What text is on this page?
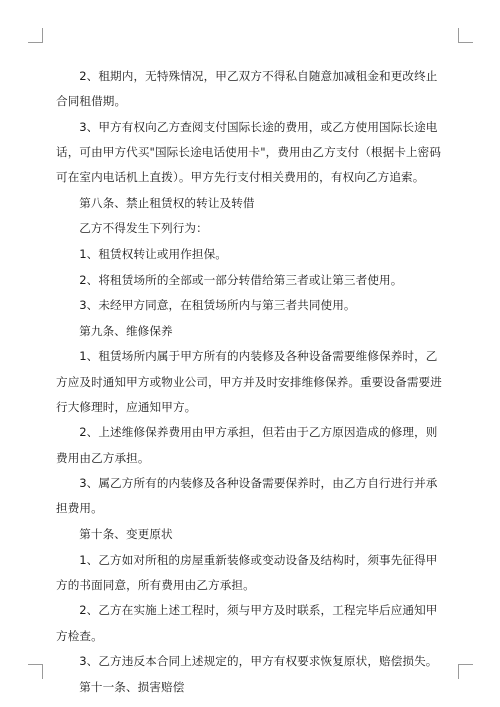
2、租期内，无特殊情况，甲乙双方不得私自随意加减租金和更改终止合同租借期。

3、甲方有权向乙方查阅支付国际长途的费用，或乙方使用国际长途电话，可由甲方代买"国际长途电话使用卡"，费用由乙方支付（根据卡上密码可在室内电话机上直拨）。甲方先行支付相关费用的，有权向乙方追索。

第八条、禁止租赁权的转让及转借

乙方不得发生下列行为：

1、租赁权转让或用作担保。

2、将租赁场所的全部或一部分转借给第三者或让第三者使用。

3、未经甲方同意，在租赁场所内与第三者共同使用。

第九条、维修保养

1、租赁场所内属于甲方所有的内装修及各种设备需要维修保养时，乙方应及时通知甲方或物业公司，甲方并及时安排维修保养。重要设备需要进行大修理时，应通知甲方。

2、上述维修保养费用由甲方承担，但若由于乙方原因造成的修理，则费用由乙方承担。

3、属乙方所有的内装修及各种设备需要保养时，由乙方自行进行并承担费用。

第十条、变更原状

1、乙方如对所租的房屋重新装修或变动设备及结构时，须事先征得甲方的书面同意，所有费用由乙方承担。

2、乙方在实施上述工程时，须与甲方及时联系，工程完毕后应通知甲方检查。

3、乙方违反本合同上述规定的，甲方有权要求恢复原状，赔偿损失。

第十一条、损害赔偿
